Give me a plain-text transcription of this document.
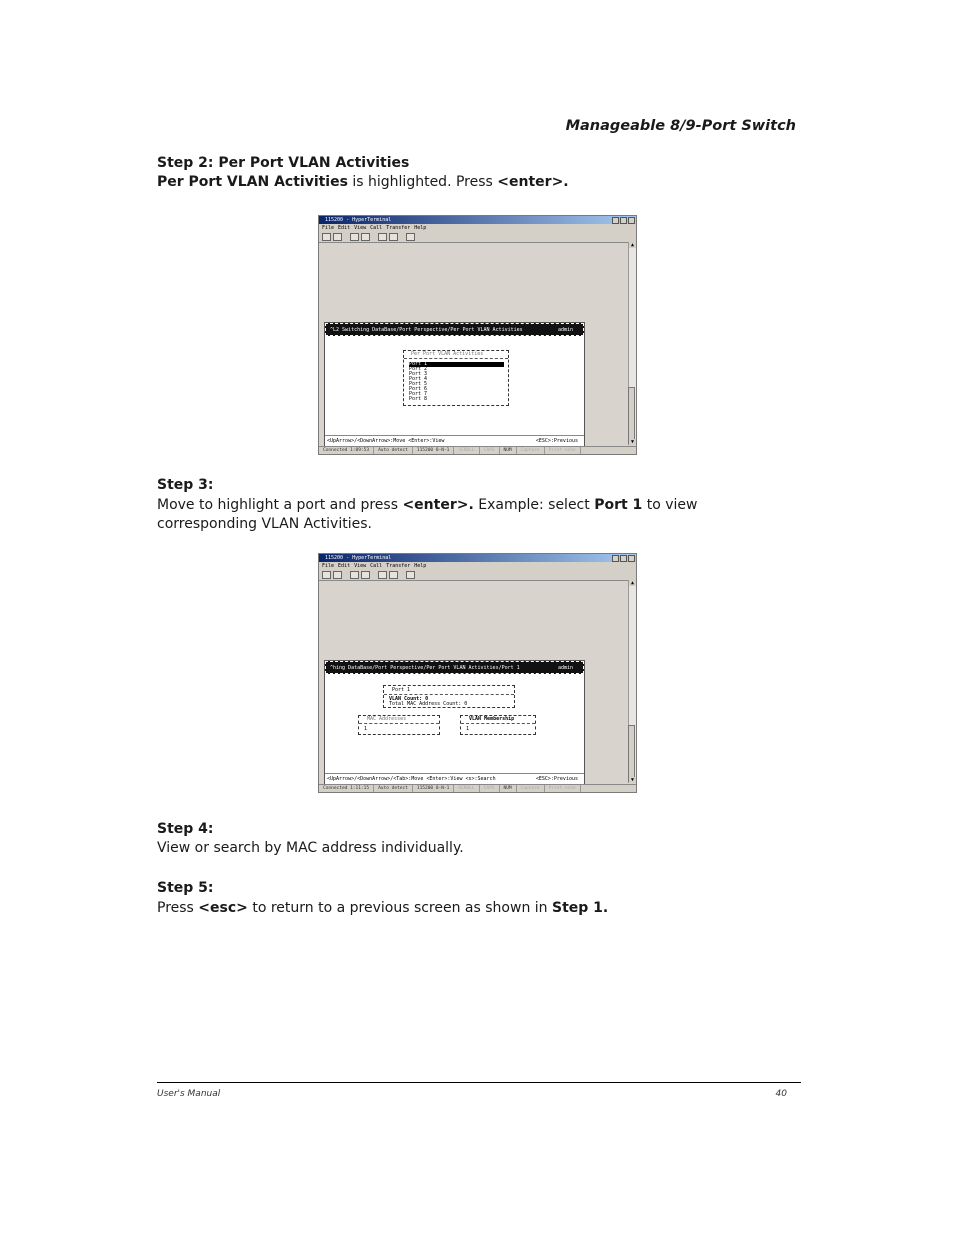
Manageable 8/9-Port Switch
Step 2: Per Port VLAN Activities
Per Port VLAN Activities is highlighted. Press <enter>.
115200 - HyperTerminal
File Edit View Call Transfer Help
▲
▼
^L2 Switching DataBase/Port Perspective/Per Port VLAN Activities	admin
Per Port VLAN Activities
Port 1
Port 2
Port 3
Port 4
Port 5
Port 6
Port 7
Port 8
<UpArrow>/<DownArrow>:Move <Enter>:View	<ESC>:Previous
Connected 1:09:53	Auto detect	115200 8-N-1	SCROLL	CAPS	NUM	Capture	Print echo
Step 3:
Move to highlight a port and press <enter>. Example: select Port 1 to view
corresponding VLAN Activities.
115200 - HyperTerminal
File Edit View Call Transfer Help
▲
▼
^hing DataBase/Port Perspective/Per Port VLAN Activities/Port 1	admin
Port 1
VLAN Count: 0
Total MAC Address Count: 0
MAC Addresses
1
VLAN Membership
1
<UpArrow>/<DownArrow>/<Tab>:Move <Enter>:View <s>:Search	<ESC>:Previous
Connected 1:11:15	Auto detect	115200 8-N-1	SCROLL	CAPS	NUM	Capture	Print echo
Step 4:
View or search by MAC address individually.
Step 5:
Press <esc> to return to a previous screen as shown in Step 1.
User's Manual	40
